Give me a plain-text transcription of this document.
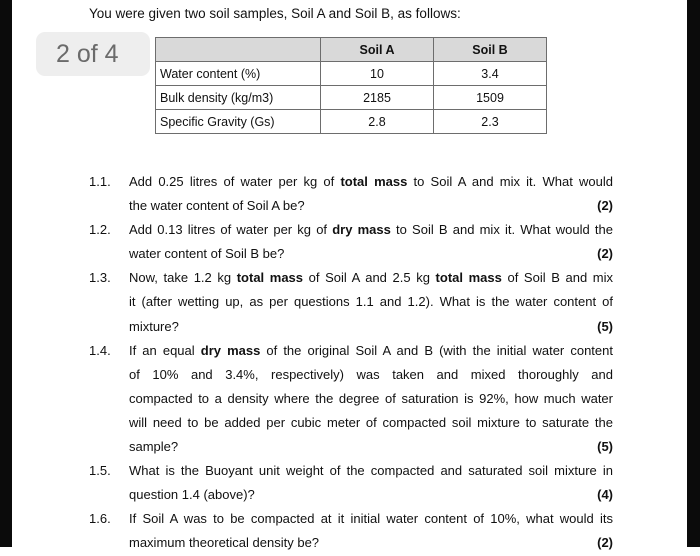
You were given two soil samples, Soil A and Soil B, as follows:
2 of 4
		Soil A	Soil B
Water content (%)	10	3.4
Bulk density (kg/m3)	2185	1509
Specific Gravity (Gs)	2.8	2.3
1.1.	Add 0.25 litres of water per kg of total mass to Soil A and mix it. What would
the water content of Soil A be?	(2)
1.2.	Add 0.13 litres of water per kg of dry mass to Soil B and mix it. What would the
water content of Soil B be?	(2)
1.3.	Now, take 1.2 kg total mass of Soil A and 2.5 kg total mass of Soil B and mix
it (after wetting up, as per questions 1.1 and 1.2). What is the water content of
mixture?	(5)
1.4.	If an equal dry mass of the original Soil A and B (with the initial water content
of 10% and 3.4%, respectively) was taken and mixed thoroughly and
compacted to a density where the degree of saturation is 92%, how much water
will need to be added per cubic meter of compacted soil mixture to saturate the
sample?	(5)
1.5.	What is the Buoyant unit weight of the compacted and saturated soil mixture in
question 1.4 (above)?	(4)
1.6.	If Soil A was to be compacted at it initial water content of 10%, what would its
maximum theoretical density be?	(2)
